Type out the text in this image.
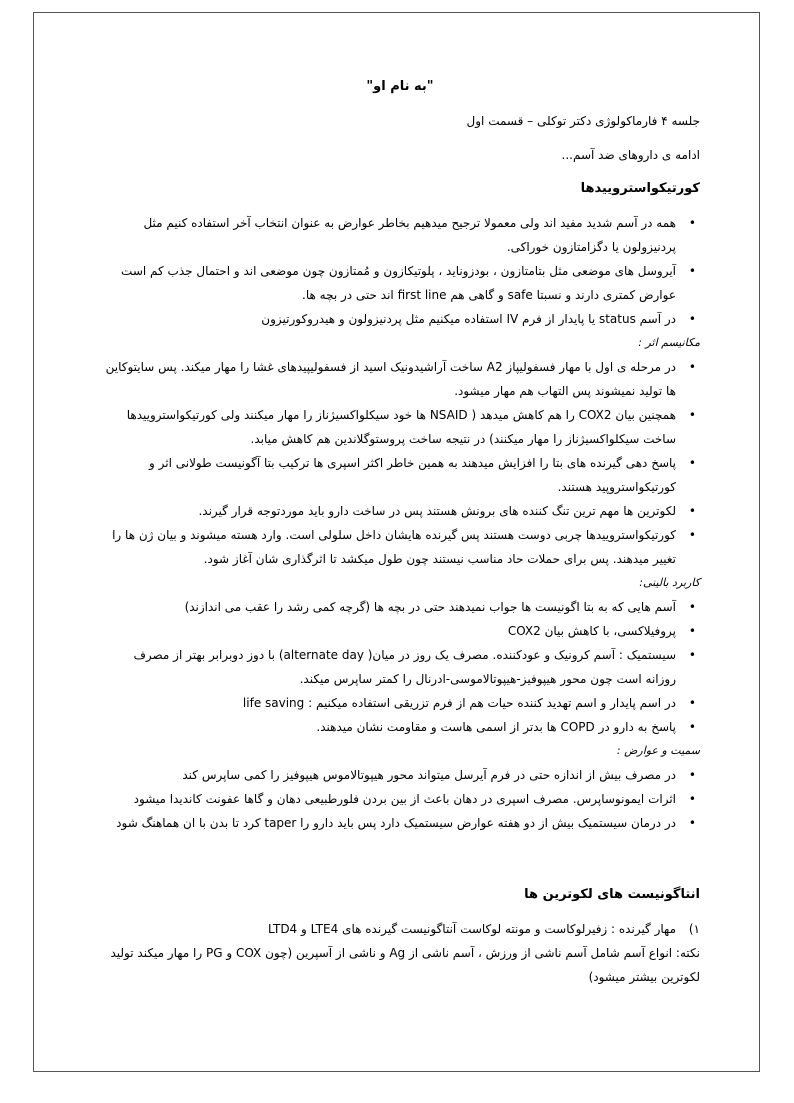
"به نام او"

جلسه ۴ فارماکولوژی دکتر توکلی – قسمت اول

ادامه ی داروهای ضد آسم...

کورتیکواستروییدها

• همه در آسم شدید مفید اند ولی معمولا ترجیح میدهیم بخاطر عوارض به عنوان انتخاب آخر استفاده کنیم مثل پردنیزولون یا دگزامتازون خوراکی.
• آیروسل های موضعی مثل بتامتازون ، بودزوناید ، پلوتیکازون و مُمتازون چون موضعی اند و احتمال جذب کم است عوارض کمتری دارند و نسبتا safe و گاهی هم first line اند حتی در بچه ها.
• در آسم status یا پایدار از فرم IV استفاده میکنیم مثل پردنیزولون و هیدروکورتیزون

مکانیسم اثر :

• در مرحله ی اول با مهار فسفولیپاز A2 ساخت آراشیدونیک اسید از فسفولیپیدهای غشا را مهار میکند. پس سایتوکاین ها تولید نمیشوند پس التهاب هم مهار میشود.
• همچنین بیان COX2 را هم کاهش میدهد ( NSAID ها خود سیکلواکسیژناز را مهار میکنند ولی کورتیکواستروییدها ساخت سیکلواکسیژناز را مهار میکنند) در نتیجه ساخت پروستوگلاندین هم کاهش میابد.
• پاسخ دهی گیرنده های بتا را افزایش میدهند به همین خاطر اکثر اسپری ها ترکیب بتا آگونیست طولانی اثر و کورتیکواستروپید هستند.
• لکوترین ها مهم ترین تنگ کننده های برونش هستند پس در ساخت دارو باید موردتوجه قرار گیرند.
• کورتیکواستروییدها چربی دوست هستند پس گیرنده هایشان داخل سلولی است. وارد هسته میشوند و بیان ژن ها را تغییر میدهند. پس برای حملات حاد مناسب نیستند چون طول میکشد تا اثرگذاری شان آغاز شود.

کاربرد بالینی:

• آسم هایی که به بتا اگونیست ها جواب نمیدهند حتی در بچه ها (گرچه کمی رشد را عقب می اندازند)
• پروفیلاکسی، با کاهش بیان COX2
• سیستمیک : آسم کرونیک و عودکننده. مصرف یک روز در میان( alternate day) با دوز دوبرابر بهتر از مصرف روزانه است چون محور هیپوفیز-هیپوتالاموسی-ادرنال را کمتر ساپرس میکند.
• در اسم پایدار و اسم تهدید کننده حیات هم از فرم تزریقی استفاده میکنیم : life saving
• پاسخ به دارو در COPD ها بدتر از اسمی هاست و مقاومت نشان میدهند.

سمیت و عوارض :

• در مصرف بیش از اندازه حتی در فرم آیرسل میتواند محور هیپوتالاموس هیپوفیز را کمی ساپرس کند
• اثرات ایمونوساپرس. مصرف اسپری در دهان باعث از بین بردن فلورطبیعی دهان و گاها عفونت کاندیدا میشود
• در درمان سیستمیک بیش از دو هفته عوارض سیستمیک دارد پس باید دارو را taper کرد تا بدن با ان هماهنگ شود

انتاگونیست های لکوترین ها

۱)
مهار گیرنده : زفیرلوکاست و مونته لوکاست آنتاگونیست گیرنده های LTE4 و LTD4

نکته: انواع آسم شامل آسم ناشی از ورزش ، آسم ناشی از Ag و ناشی از آسپرین (چون COX و PG را مهار میکند تولید لکوترین بیشتر میشود)
